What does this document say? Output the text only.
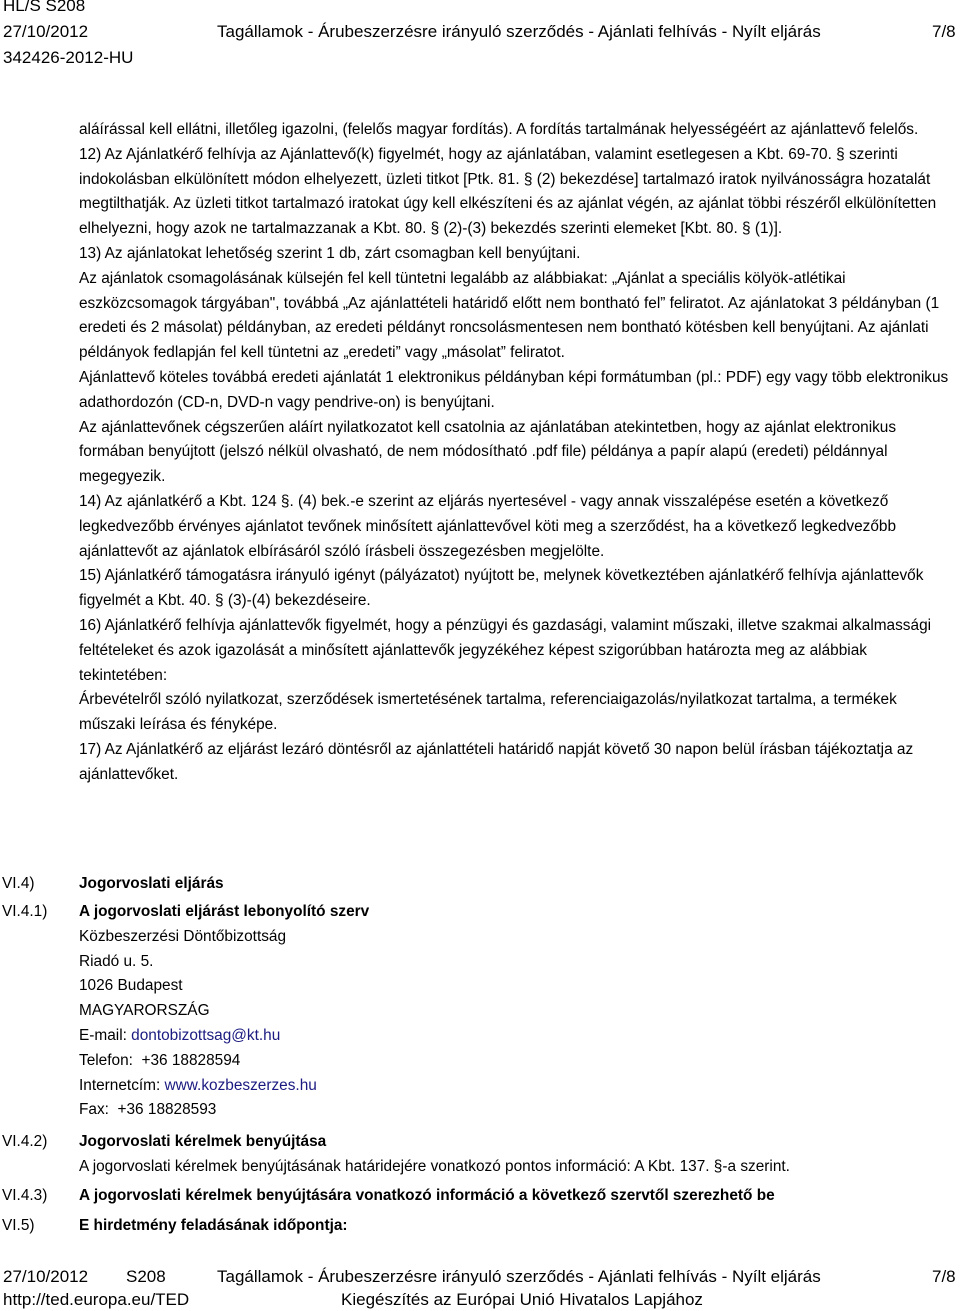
HL/S S208
27/10/2012	Tagállamok - Árubeszerzésre irányuló szerződés - Ajánlati felhívás - Nyílt eljárás	7/8
342426-2012-HU

aláírással kell ellátni, illetőleg igazolni, (felelős magyar fordítás). A fordítás tartalmának helyességéért az ajánlattevő felelős.

12) Az Ajánlatkérő felhívja az Ajánlattevő(k) figyelmét, hogy az ajánlatában, valamint esetlegesen a Kbt. 69-70. § szerinti indokolásban elkülönített módon elhelyezett, üzleti titkot [Ptk. 81. § (2) bekezdése] tartalmazó iratok nyilvánosságra hozatalát megtilthatják. Az üzleti titkot tartalmazó iratokat úgy kell elkészíteni és az ajánlat végén, az ajánlat többi részéről elkülönítetten elhelyezni, hogy azok ne tartalmazzanak a Kbt. 80. § (2)-(3) bekezdés szerinti elemeket [Kbt. 80. § (1)].

13) Az ajánlatokat lehetőség szerint 1 db, zárt csomagban kell benyújtani.

Az ajánlatok csomagolásának külsején fel kell tüntetni legalább az alábbiakat: „Ajánlat a speciális kölyök-atlétikai eszközcsomagok tárgyában", továbbá „Az ajánlattételi határidő előtt nem bontható fel” feliratot. Az ajánlatokat 3 példányban (1 eredeti és 2 másolat) példányban, az eredeti példányt roncsolásmentesen nem bontható kötésben kell benyújtani. Az ajánlati példányok fedlapján fel kell tüntetni az „eredeti” vagy „másolat” feliratot.

Ajánlattevő köteles továbbá eredeti ajánlatát 1 elektronikus példányban képi formátumban (pl.: PDF) egy vagy több elektronikus adathordozón (CD-n, DVD-n vagy pendrive-on) is benyújtani.

Az ajánlattevőnek cégszerűen aláírt nyilatkozatot kell csatolnia az ajánlatában atekintetben, hogy az ajánlat elektronikus formában benyújtott (jelszó nélkül olvasható, de nem módosítható .pdf file) példánya a papír alapú (eredeti) példánnyal megegyezik.

14) Az ajánlatkérő a Kbt. 124 §. (4) bek.-e szerint az eljárás nyertesével - vagy annak visszalépése esetén a következő legkedvezőbb érvényes ajánlatot tevőnek minősített ajánlattevővel köti meg a szerződést, ha a következő legkedvezőbb ajánlattevőt az ajánlatok elbírásáról szóló írásbeli összegezésben megjelölte.

15) Ajánlatkérő támogatásra irányuló igényt (pályázatot) nyújtott be, melynek következtében ajánlatkérő felhívja ajánlattevők figyelmét a Kbt. 40. § (3)-(4) bekezdéseire.

16) Ajánlatkérő felhívja ajánlattevők figyelmét, hogy a pénzügyi és gazdasági, valamint műszaki, illetve szakmai alkalmassági feltételeket és azok igazolását a minősített ajánlattevők jegyzékéhez képest szigorúbban határozta meg az alábbiak tekintetében:

Árbevételről szóló nyilatkozat, szerződések ismertetésének tartalma, referenciaigazolás/nyilatkozat tartalma, a termékek műszaki leírása és fényképe.

17) Az Ajánlatkérő az eljárást lezáró döntésről az ajánlattételi határidő napját követő 30 napon belül írásban tájékoztatja az ajánlattevőket.

VI.4)	Jogorvoslati eljárás
VI.4.1) A jogorvoslati eljárást lebonyolító szerv

Közbeszerzési Döntőbizottság

Riadó u. 5.

1026 Budapest

MAGYARORSZÁG

E-mail: dontobizottsag@kt.hu

Telefon: +36 18828594

Internetcím: www.kozbeszerzes.hu

Fax: +36 18828593

VI.4.2) Jogorvoslati kérelmek benyújtása

A jogorvoslati kérelmek benyújtásának határidejére vonatkozó pontos információ: A Kbt. 137. §-a szerint.

VI.4.3) A jogorvoslati kérelmek benyújtására vonatkozó információ a következő szervtől szerezhető be
VI.5)	E hirdetmény feladásának időpontja:
27/10/2012 S208	Tagállamok - Árubeszerzésre irányuló szerződés - Ajánlati felhívás - Nyílt eljárás	7/8
http://ted.europa.eu/TED	Kiegészítés az Európai Unió Hivatalos Lapjához
